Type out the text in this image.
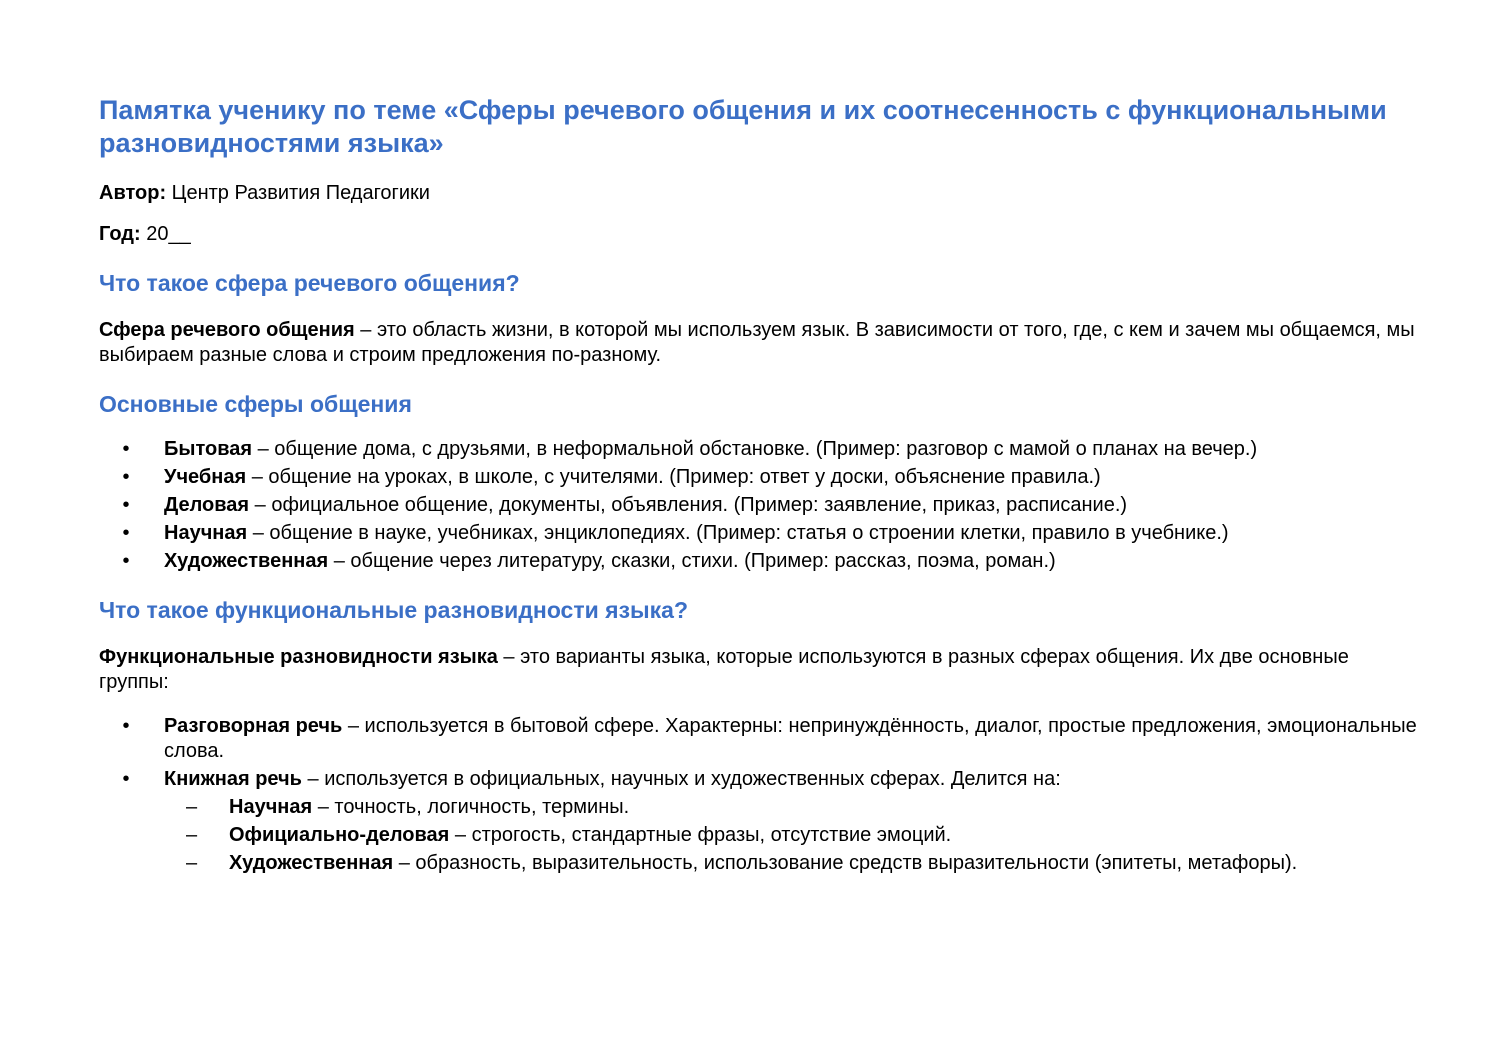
Памятка ученику по теме «Сферы речевого общения и их соотнесенность с функциональными разновидностями языка»

Автор: Центр Развития Педагогики

Год: 20__

Что такое сфера речевого общения?

Сфера речевого общения – это область жизни, в которой мы используем язык. В зависимости от того, где, с кем и зачем мы общаемся, мы выбираем разные слова и строим предложения по-разному.

Основные сферы общения
• Бытовая – общение дома, с друзьями, в неформальной обстановке. (Пример: разговор с мамой о планах на вечер.)
• Учебная – общение на уроках, в школе, с учителями. (Пример: ответ у доски, объяснение правила.)
• Деловая – официальное общение, документы, объявления. (Пример: заявление, приказ, расписание.)
• Научная – общение в науке, учебниках, энциклопедиях. (Пример: статья о строении клетки, правило в учебнике.)
• Художественная – общение через литературу, сказки, стихи. (Пример: рассказ, поэма, роман.)
Что такое функциональные разновидности языка?

Функциональные разновидности языка – это варианты языка, которые используются в разных сферах общения. Их две основные группы:

• Разговорная речь – используется в бытовой сфере. Характерны: непринуждённость, диалог, простые предложения, эмоциональные слова.
• Книжная речь – используется в официальных, научных и художественных сферах. Делится на:
– Научная – точность, логичность, термины.
– Официально-деловая – строгость, стандартные фразы, отсутствие эмоций.
– Художественная – образность, выразительность, использование средств выразительности (эпитеты, метафоры).
